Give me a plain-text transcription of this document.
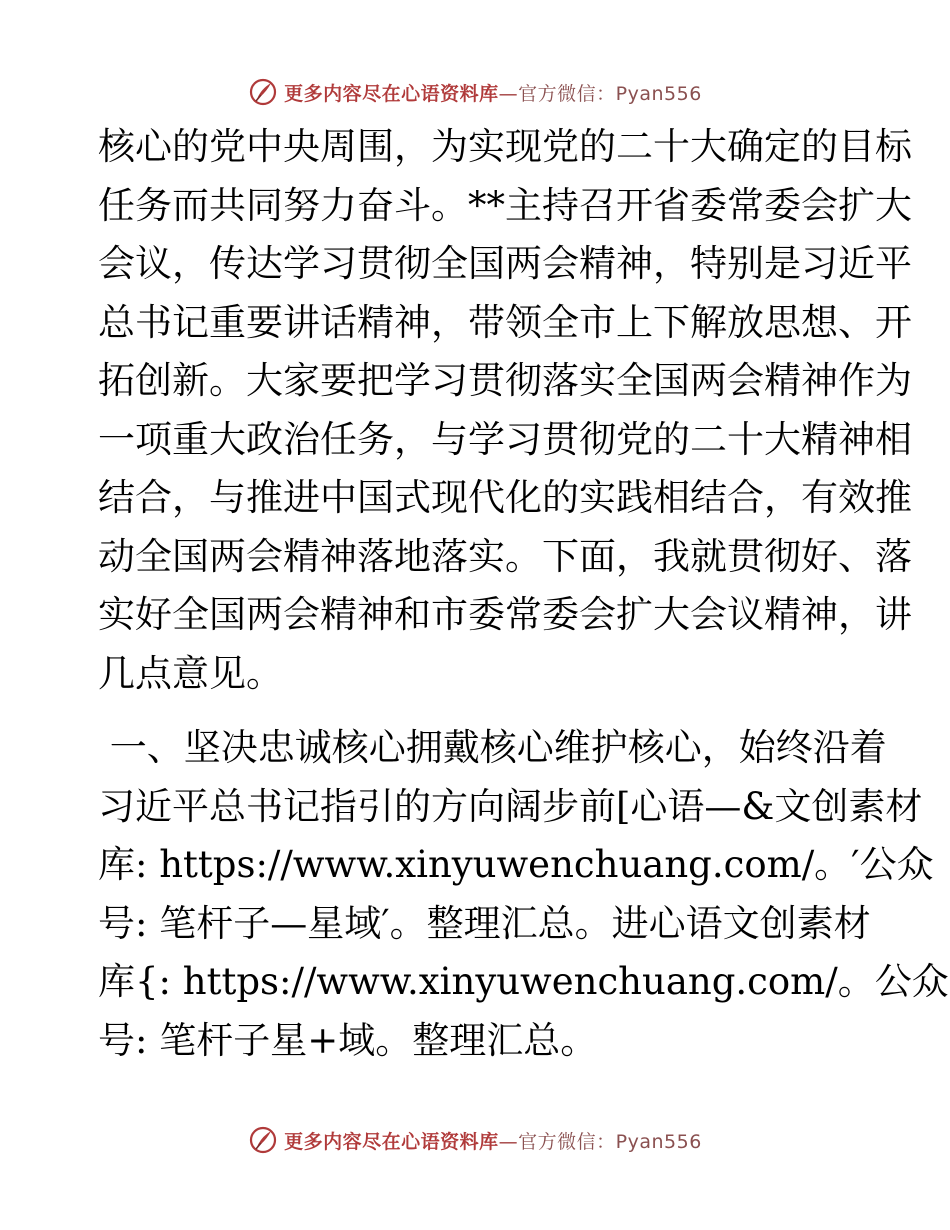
更多内容尽在心语资料库—官方微信：Pyan556

核心的党中央周围，为实现党的二十大确定的目标
任务而共同努力奋斗。**主持召开省委常委会扩大
会议，传达学习贯彻全国两会精神，特别是习近平
总书记重要讲话精神，带领全市上下解放思想、开
拓创新。大家要把学习贯彻落实全国两会精神作为
一项重大政治任务，与学习贯彻党的二十大精神相
结合，与推进中国式现代化的实践相结合，有效推
动全国两会精神落地落实。下面，我就贯彻好、落
实好全国两会精神和市委常委会扩大会议精神，讲
几点意见。

一、坚决忠诚核心拥戴核心维护核心，始终沿着
习近平总书记指引的方向阔步前[心语—&文创素材
库: https://www.xinyuwenchuang.com/。′公众
号: 笔杆子—星域′。整理汇总。进心语文创素材
库{: https://www.xinyuwenchuang.com/。公众
号: 笔杆子星+域。整理汇总。

更多内容尽在心语资料库—官方微信：Pyan556
